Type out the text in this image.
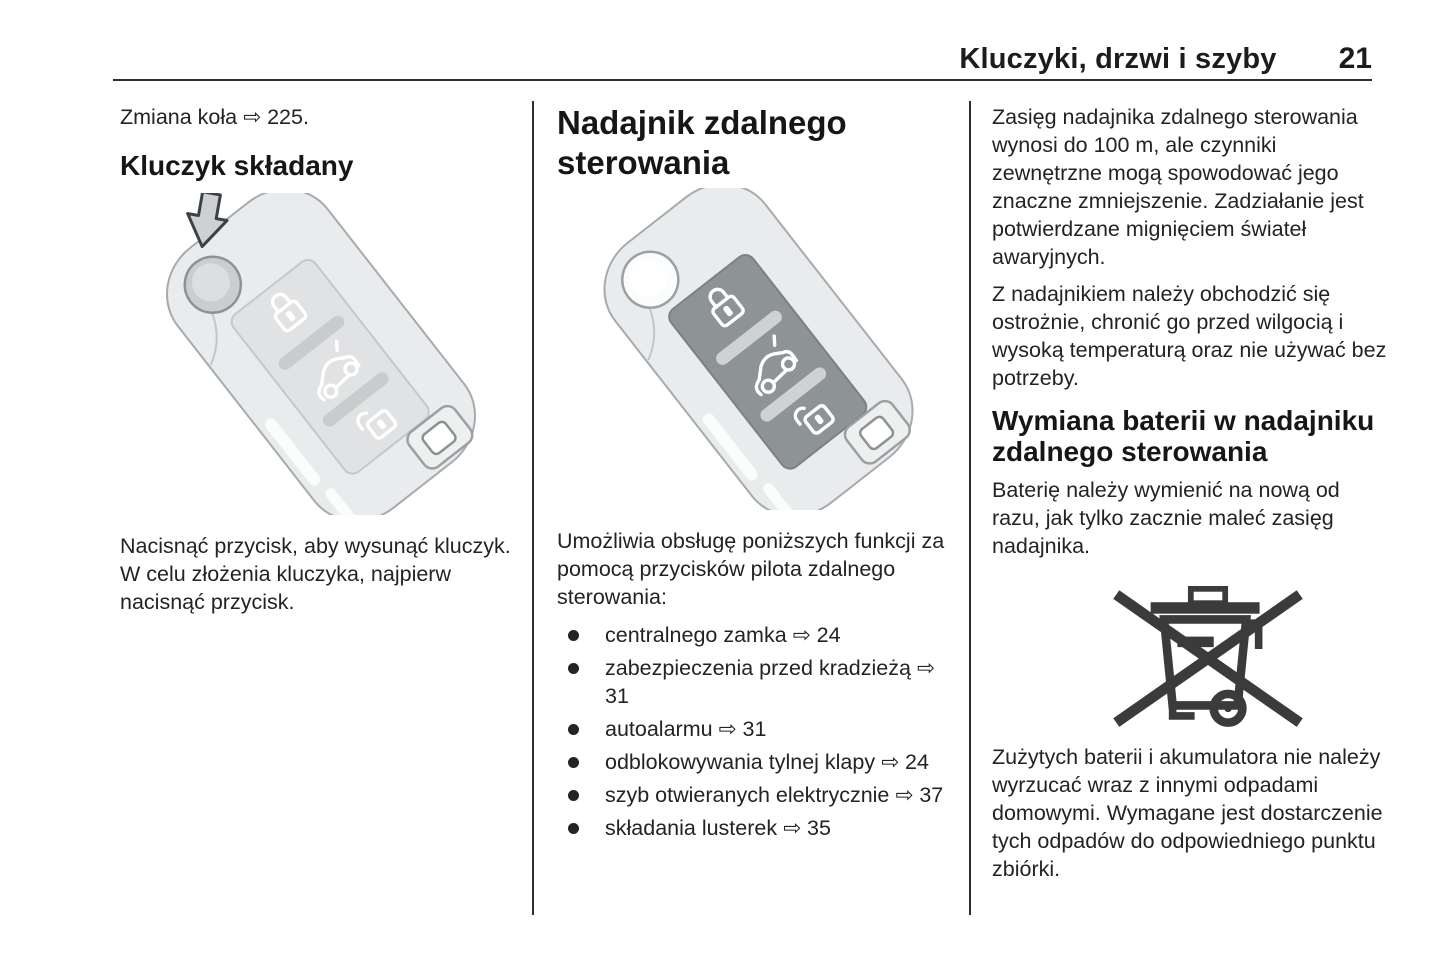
Kluczyki, drzwi i szyby 21

Zmiana koła ⇨ 225.

Kluczyk składany

Nacisnąć przycisk, aby wysunąć kluczyk. W celu złożenia kluczyka, najpierw nacisnąć przycisk.

Nadajnik zdalnego sterowania

Umożliwia obsługę poniższych funkcji za pomocą przycisków pilota zdalnego sterowania:

centralnego zamka ⇨ 24
zabezpieczenia przed kradzieżą ⇨ 31
autoalarmu ⇨ 31
odblokowywania tylnej klapy ⇨ 24
szyb otwieranych elektrycznie ⇨ 37
składania lusterek ⇨ 35

Zasięg nadajnika zdalnego sterowania wynosi do 100 m, ale czynniki zewnętrzne mogą spowodować jego znaczne zmniejszenie. Zadziałanie jest potwierdzane mignięciem świateł awaryjnych.

Z nadajnikiem należy obchodzić się ostrożnie, chronić go przed wilgocią i wysoką temperaturą oraz nie używać bez potrzeby.

Wymiana baterii w nadajniku zdalnego sterowania

Baterię należy wymienić na nową od razu, jak tylko zacznie maleć zasięg nadajnika.

Zużytych baterii i akumulatora nie należy wyrzucać wraz z innymi odpadami domowymi. Wymagane jest dostarczenie tych odpadów do odpowiedniego punktu zbiórki.
